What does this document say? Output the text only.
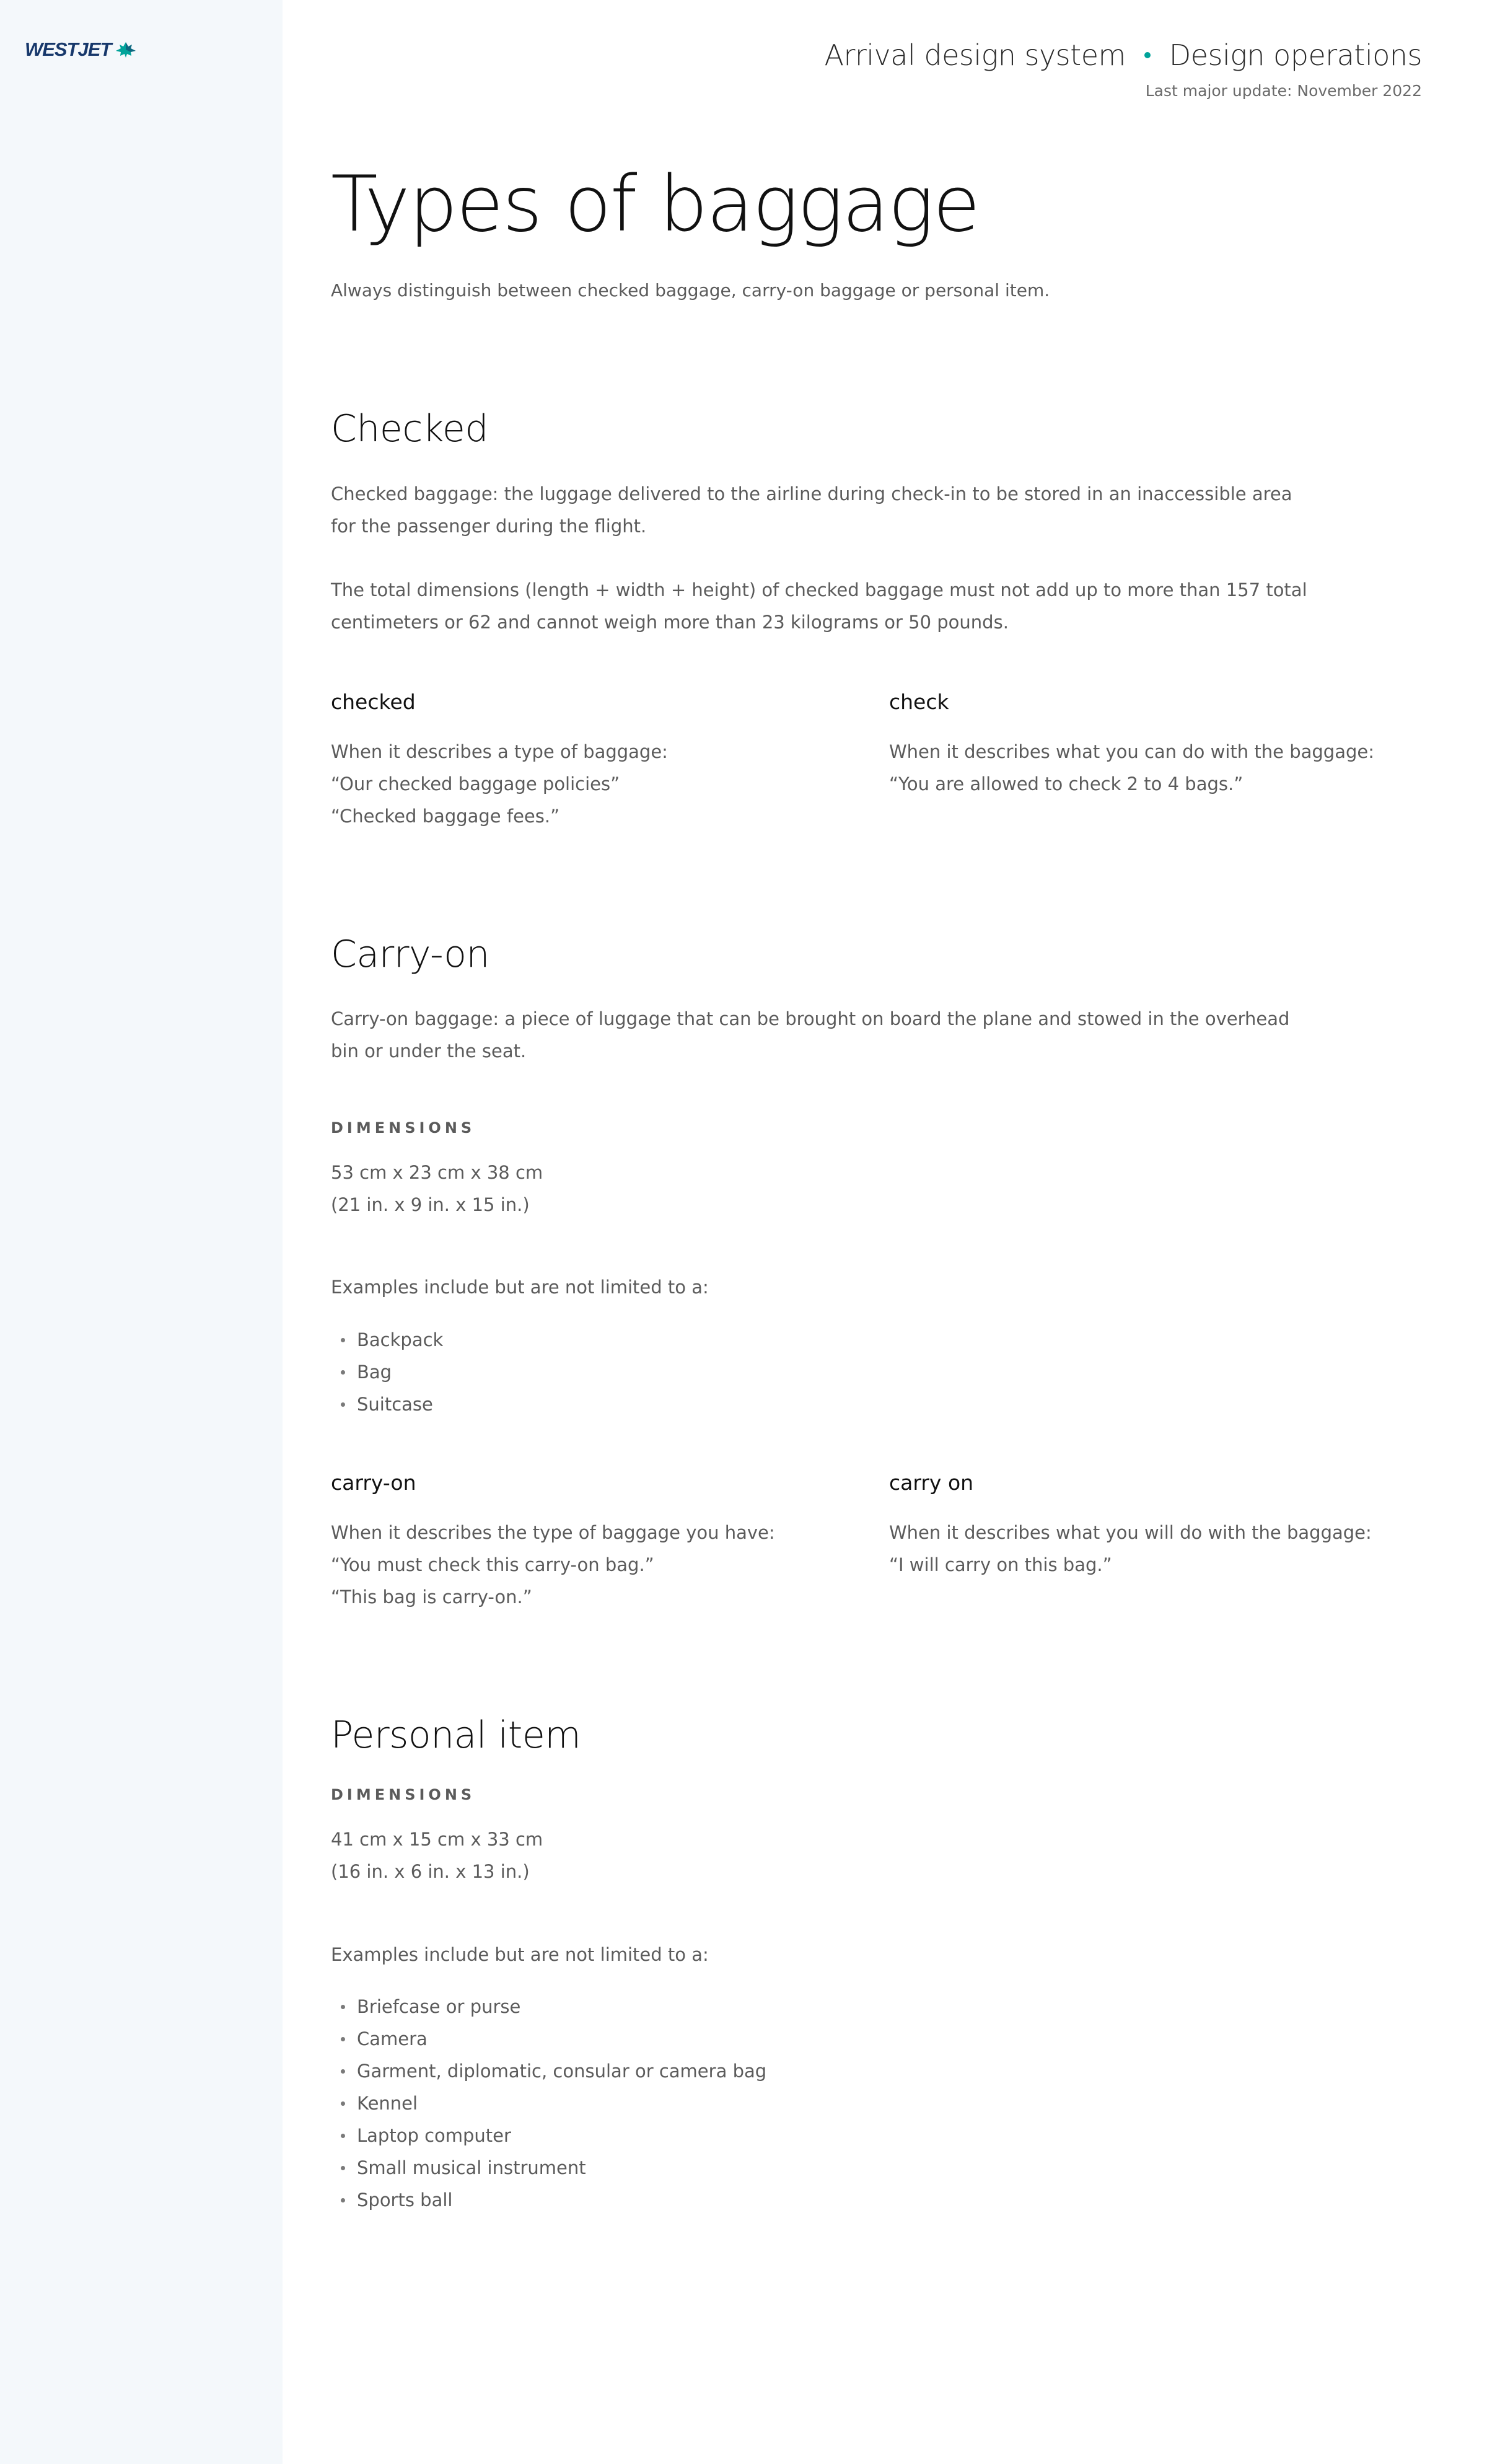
WESTJET	Arrival design system Design operations
Last major update: November 2022
Types of baggage

Always distinguish between checked baggage, carry-on baggage or personal item.

Checked

Checked baggage: the luggage delivered to the airline during check-in to be stored in an inaccessible area for the passenger during the flight.

The total dimensions (length + width + height) of checked baggage must not add up to more than 157 total centimeters or 62 and cannot weigh more than 23 kilograms or 50 pounds.

checked
When it describes a type of baggage:
“Our checked baggage policies”
“Checked baggage fees.”
check
When it describes what you can do with the baggage:
“You are allowed to check 2 to 4 bags.”
Carry-on

Carry-on baggage: a piece of luggage that can be brought on board the plane and stowed in the overhead bin or under the seat.

DIMENSIONS
53 cm x 23 cm x 38 cm
(21 in. x 9 in. x 15 in.)

Examples include but are not limited to a:

Backpack
Bag
Suitcase
carry-on
When it describes the type of baggage you have:
“You must check this carry-on bag.”
“This bag is carry-on.”
carry on
When it describes what you will do with the baggage:
“I will carry on this bag.”
Personal item
DIMENSIONS
41 cm x 15 cm x 33 cm
(16 in. x 6 in. x 13 in.)

Examples include but are not limited to a:

Briefcase or purse
Camera
Garment, diplomatic, consular or camera bag
Kennel
Laptop computer
Small musical instrument
Sports ball
